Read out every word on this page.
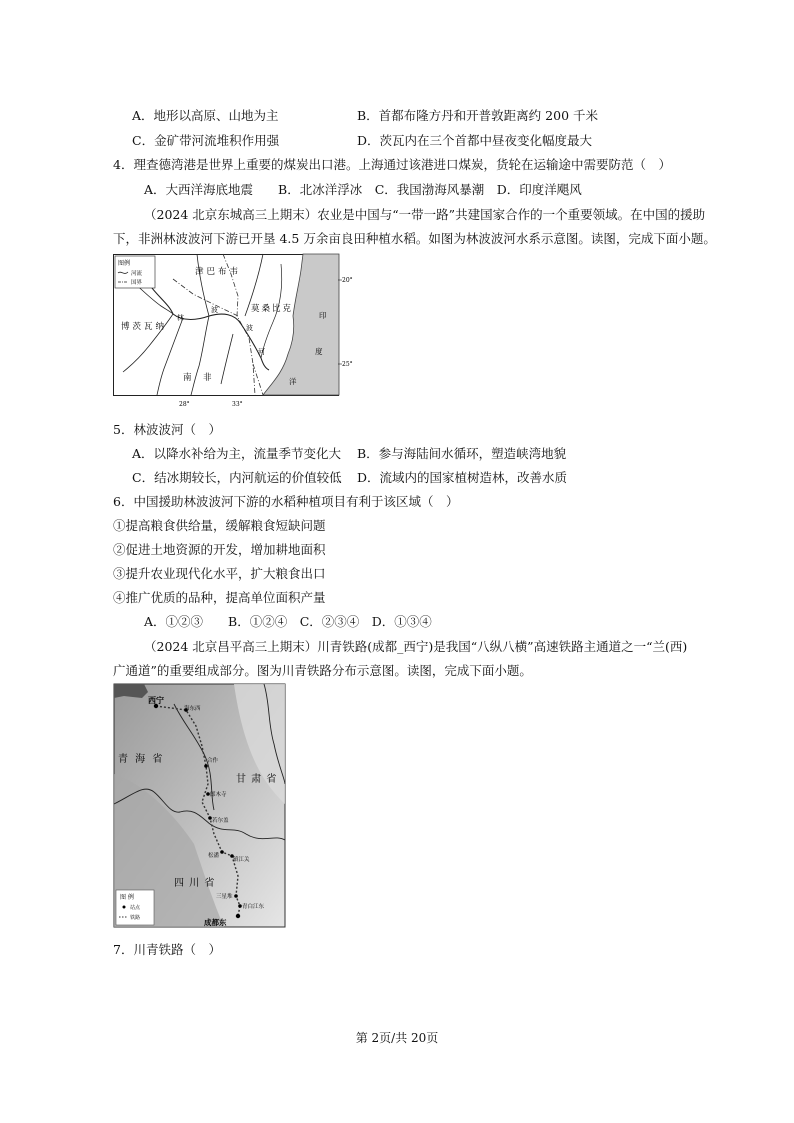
A．地形以高原、山地为主	B．首都布隆方丹和开普敦距离约 200 千米
C．金矿带河流堆积作用强	D．茨瓦内在三个首都中昼夜变化幅度最大
4．理查德湾港是世界上重要的煤炭出口港。上海通过该港进口煤炭，货轮在运输途中需要防范（　）
A．大西洋海底地震　　B．北冰洋浮冰　C．我国渤海风暴潮　D．印度洋飓风
（2024 北京东城高三上期末）农业是中国与“一带一路”共建国家合作的一个重要领域。在中国的援助
下，非洲林波波河下游已开垦 4.5 万余亩良田种植水稻。如图为林波波河水系示意图。读图，完成下面小题。
图例
河流
国界
津巴布韦
莫桑比克
博茨瓦纳
南 非
林
波
波
河
印
度
洋
20°
25°
28°	33°
5．林波波河（　）
A．以降水补给为主，流量季节变化大 B．参与海陆间水循环，塑造峡湾地貌
C．结冰期较长，内河航运的价值较低 D．流域内的国家植树造林，改善水质
6．中国援助林波波河下游的水稻种植项目有利于该区域（　）
①提高粮食供给量，缓解粮食短缺问题
②促进土地资源的开发，增加耕地面积
③提升农业现代化水平，扩大粮食出口
④推广优质的品种，提高单位面积产量
A．①②③　　B．①②④　C．②③④　D．①③④
（2024 北京昌平高三上期末）川青铁路(成都_西宁)是我国“八纵八横”高速铁路主通道之一“兰(西)
广通道”的重要组成部分。图为川青铁路分布示意图。读图，完成下面小题。
西宁
海东西
青 海 省
甘 肃 省
合作
郎木寺
若尔盖
松潘
镇江关
四 川 省
三星堆
青白江东
成都东
图 例
站点
铁路
7．川青铁路（　）
第 2页/共 20页
